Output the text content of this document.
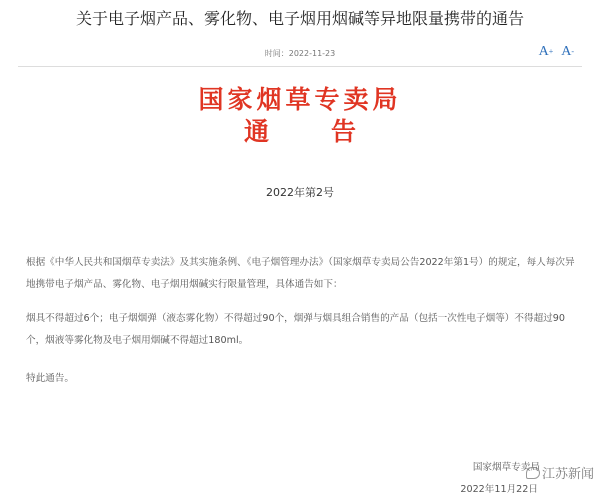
关于电子烟产品、雾化物、电子烟用烟碱等异地限量携带的通告
时间：2022-11-23	A+ A-
国家烟草专卖局
通 告
2022年第2号

根据《中华人民共和国烟草专卖法》及其实施条例、《电子烟管理办法》（国家烟草专卖局公告2022年第1号）的规定，每人每次异地携带电子烟产品、雾化物、电子烟用烟碱实行限量管理，具体通告如下：

烟具不得超过6个；电子烟烟弹（液态雾化物）不得超过90个，烟弹与烟具组合销售的产品（包括一次性电子烟等）不得超过90个，烟液等雾化物及电子烟用烟碱不得超过180ml。

特此通告。

国家烟草专卖局
2022年11月22日
江苏新闻
